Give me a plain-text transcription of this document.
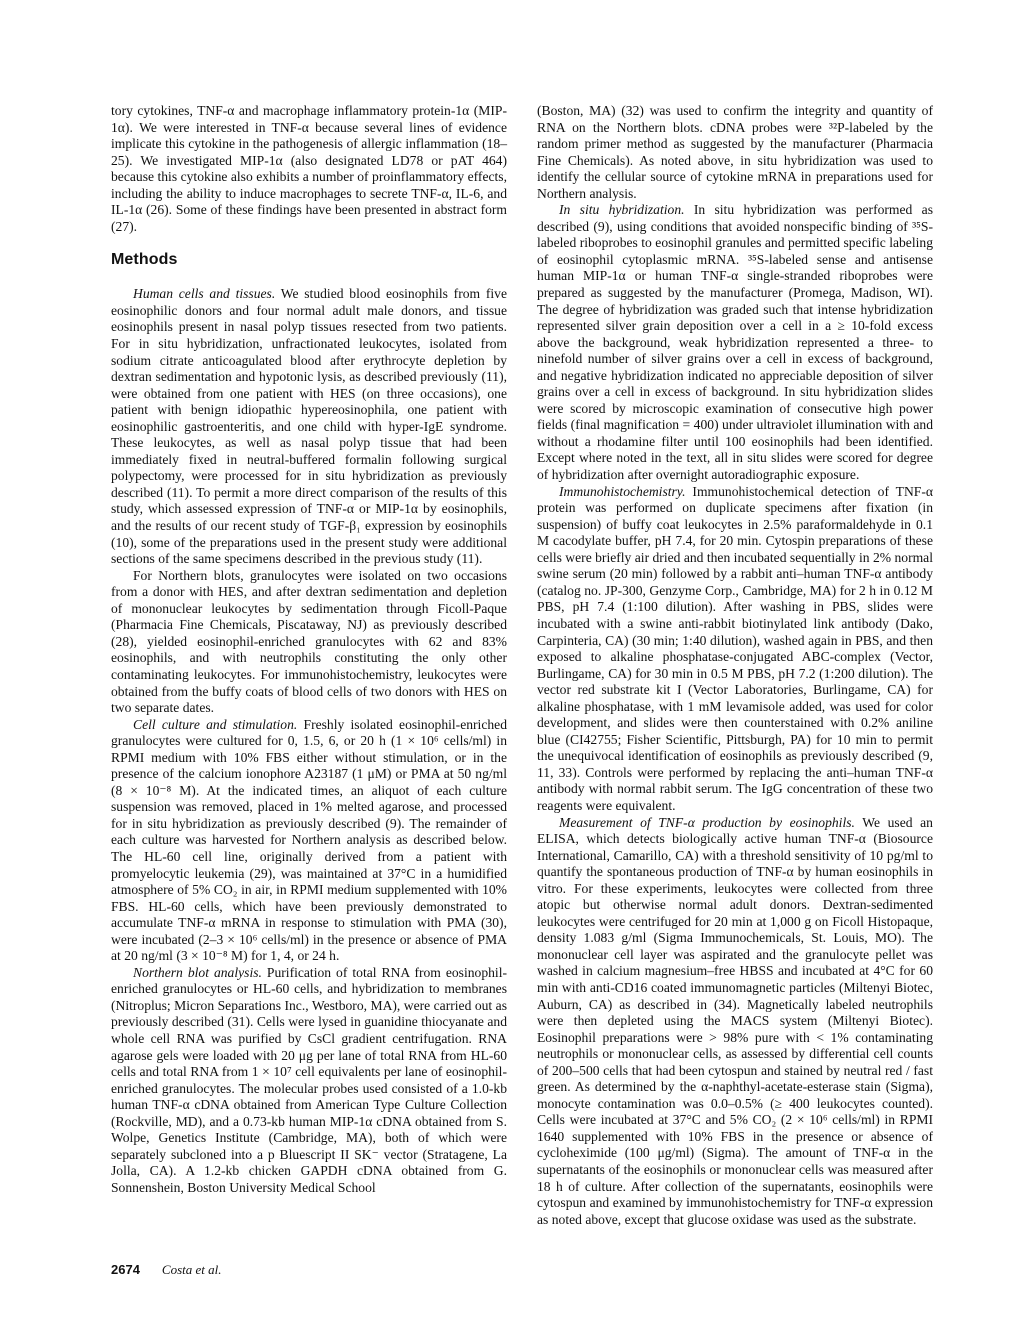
tory cytokines, TNF-α and macrophage inflammatory protein-1α (MIP-1α). We were interested in TNF-α because several lines of evidence implicate this cytokine in the pathogenesis of allergic inflammation (18–25). We investigated MIP-1α (also designated LD78 or pAT 464) because this cytokine also exhibits a number of proinflammatory effects, including the ability to induce macrophages to secrete TNF-α, IL-6, and IL-1α (26). Some of these findings have been presented in abstract form (27).

Methods

Human cells and tissues. We studied blood eosinophils from five eosinophilic donors and four normal adult male donors, and tissue eosinophils present in nasal polyp tissues resected from two patients. For in situ hybridization, unfractionated leukocytes, isolated from sodium citrate anticoagulated blood after erythrocyte depletion by dextran sedimentation and hypotonic lysis, as described previously (11), were obtained from one patient with HES (on three occasions), one patient with benign idiopathic hypereosinophila, one patient with eosinophilic gastroenteritis, and one child with hyper-IgE syndrome. These leukocytes, as well as nasal polyp tissue that had been immediately fixed in neutral-buffered formalin following surgical polypectomy, were processed for in situ hybridization as previously described (11). To permit a more direct comparison of the results of this study, which assessed expression of TNF-α or MIP-1α by eosinophils, and the results of our recent study of TGF-β₁ expression by eosinophils (10), some of the preparations used in the present study were additional sections of the same specimens described in the previous study (11).

For Northern blots, granulocytes were isolated on two occasions from a donor with HES, and after dextran sedimentation and depletion of mononuclear leukocytes by sedimentation through Ficoll-Paque (Pharmacia Fine Chemicals, Piscataway, NJ) as previously described (28), yielded eosinophil-enriched granulocytes with 62 and 83% eosinophils, and with neutrophils constituting the only other contaminating leukocytes. For immunohistochemistry, leukocytes were obtained from the buffy coats of blood cells of two donors with HES on two separate dates.

Cell culture and stimulation. Freshly isolated eosinophil-enriched granulocytes were cultured for 0, 1.5, 6, or 20 h (1 × 10⁶ cells/ml) in RPMI medium with 10% FBS either without stimulation, or in the presence of the calcium ionophore A23187 (1 μM) or PMA at 50 ng/ml (8 × 10⁻⁸ M). At the indicated times, an aliquot of each culture suspension was removed, placed in 1% melted agarose, and processed for in situ hybridization as previously described (9). The remainder of each culture was harvested for Northern analysis as described below. The HL-60 cell line, originally derived from a patient with promyelocytic leukemia (29), was maintained at 37°C in a humidified atmosphere of 5% CO₂ in air, in RPMI medium supplemented with 10% FBS. HL-60 cells, which have been previously demonstrated to accumulate TNF-α mRNA in response to stimulation with PMA (30), were incubated (2–3 × 10⁶ cells/ml) in the presence or absence of PMA at 20 ng/ml (3 × 10⁻⁸ M) for 1, 4, or 24 h.

Northern blot analysis. Purification of total RNA from eosinophil-enriched granulocytes or HL-60 cells, and hybridization to membranes (Nitroplus; Micron Separations Inc., Westboro, MA), were carried out as previously described (31). Cells were lysed in guanidine thiocyanate and whole cell RNA was purified by CsCl gradient centrifugation. RNA agarose gels were loaded with 20 μg per lane of total RNA from HL-60 cells and total RNA from 1 × 10⁷ cell equivalents per lane of eosinophil-enriched granulocytes. The molecular probes used consisted of a 1.0-kb human TNF-α cDNA obtained from American Type Culture Collection (Rockville, MD), and a 0.73-kb human MIP-1α cDNA obtained from S. Wolpe, Genetics Institute (Cambridge, MA), both of which were separately subcloned into a p Bluescript II SK⁻ vector (Stratagene, La Jolla, CA). A 1.2-kb chicken GAPDH cDNA obtained from G. Sonnenshein, Boston University Medical School

(Boston, MA) (32) was used to confirm the integrity and quantity of RNA on the Northern blots. cDNA probes were ³²P-labeled by the random primer method as suggested by the manufacturer (Pharmacia Fine Chemicals). As noted above, in situ hybridization was used to identify the cellular source of cytokine mRNA in preparations used for Northern analysis.

In situ hybridization. In situ hybridization was performed as described (9), using conditions that avoided nonspecific binding of ³⁵S-labeled riboprobes to eosinophil granules and permitted specific labeling of eosinophil cytoplasmic mRNA. ³⁵S-labeled sense and antisense human MIP-1α or human TNF-α single-stranded riboprobes were prepared as suggested by the manufacturer (Promega, Madison, WI). The degree of hybridization was graded such that intense hybridization represented silver grain deposition over a cell in a ≥ 10-fold excess above the background, weak hybridization represented a three- to ninefold number of silver grains over a cell in excess of background, and negative hybridization indicated no appreciable deposition of silver grains over a cell in excess of background. In situ hybridization slides were scored by microscopic examination of consecutive high power fields (final magnification = 400) under ultraviolet illumination with and without a rhodamine filter until 100 eosinophils had been identified. Except where noted in the text, all in situ slides were scored for degree of hybridization after overnight autoradiographic exposure.

Immunohistochemistry. Immunohistochemical detection of TNF-α protein was performed on duplicate specimens after fixation (in suspension) of buffy coat leukocytes in 2.5% paraformaldehyde in 0.1 M cacodylate buffer, pH 7.4, for 20 min. Cytospin preparations of these cells were briefly air dried and then incubated sequentially in 2% normal swine serum (20 min) followed by a rabbit anti–human TNF-α antibody (catalog no. JP-300, Genzyme Corp., Cambridge, MA) for 2 h in 0.12 M PBS, pH 7.4 (1:100 dilution). After washing in PBS, slides were incubated with a swine anti-rabbit biotinylated link antibody (Dako, Carpinteria, CA) (30 min; 1:40 dilution), washed again in PBS, and then exposed to alkaline phosphatase-conjugated ABC-complex (Vector, Burlingame, CA) for 30 min in 0.5 M PBS, pH 7.2 (1:200 dilution). The vector red substrate kit I (Vector Laboratories, Burlingame, CA) for alkaline phosphatase, with 1 mM levamisole added, was used for color development, and slides were then counterstained with 0.2% aniline blue (CI42755; Fisher Scientific, Pittsburgh, PA) for 10 min to permit the unequivocal identification of eosinophils as previously described (9, 11, 33). Controls were performed by replacing the anti–human TNF-α antibody with normal rabbit serum. The IgG concentration of these two reagents were equivalent.

Measurement of TNF-α production by eosinophils. We used an ELISA, which detects biologically active human TNF-α (Biosource International, Camarillo, CA) with a threshold sensitivity of 10 pg/ml to quantify the spontaneous production of TNF-α by human eosinophils in vitro. For these experiments, leukocytes were collected from three atopic but otherwise normal adult donors. Dextran-sedimented leukocytes were centrifuged for 20 min at 1,000 g on Ficoll Histopaque, density 1.083 g/ml (Sigma Immunochemicals, St. Louis, MO). The mononuclear cell layer was aspirated and the granulocyte pellet was washed in calcium magnesium–free HBSS and incubated at 4°C for 60 min with anti-CD16 coated immunomagnetic particles (Miltenyi Biotec, Auburn, CA) as described in (34). Magnetically labeled neutrophils were then depleted using the MACS system (Miltenyi Biotec). Eosinophil preparations were > 98% pure with < 1% contaminating neutrophils or mononuclear cells, as assessed by differential cell counts of 200–500 cells that had been cytospun and stained by neutral red / fast green. As determined by the α-naphthyl-acetate-esterase stain (Sigma), monocyte contamination was 0.0–0.5% (≥ 400 leukocytes counted). Cells were incubated at 37°C and 5% CO₂ (2 × 10⁶ cells/ml) in RPMI 1640 supplemented with 10% FBS in the presence or absence of cycloheximide (100 μg/ml) (Sigma). The amount of TNF-α in the supernatants of the eosinophils or mononuclear cells was measured after 18 h of culture. After collection of the supernatants, eosinophils were cytospun and examined by immunohistochemistry for TNF-α expression as noted above, except that glucose oxidase was used as the substrate.

2674 Costa et al.
